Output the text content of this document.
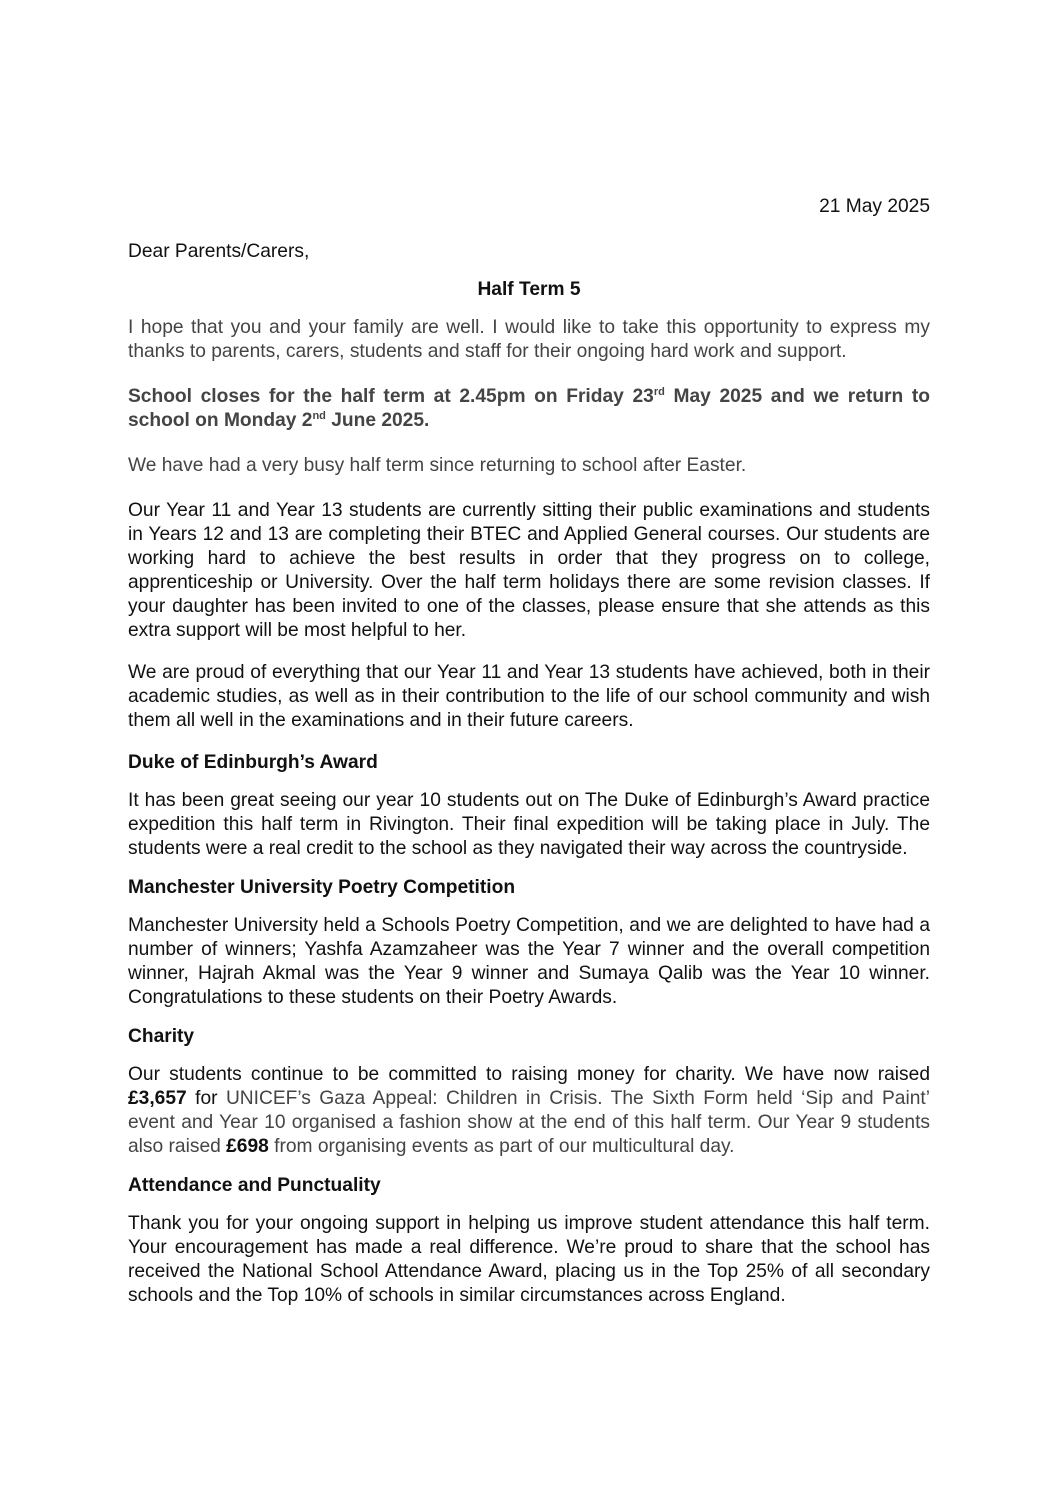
21 May 2025

Dear Parents/Carers,

Half Term 5

I hope that you and your family are well. I would like to take this opportunity to express my thanks to parents, carers, students and staff for their ongoing hard work and support.

School closes for the half term at 2.45pm on Friday 23rd May 2025 and we return to school on Monday 2nd June 2025.

We have had a very busy half term since returning to school after Easter.

Our Year 11 and Year 13 students are currently sitting their public examinations and students in Years 12 and 13 are completing their BTEC and Applied General courses. Our students are working hard to achieve the best results in order that they progress on to college, apprenticeship or University. Over the half term holidays there are some revision classes. If your daughter has been invited to one of the classes, please ensure that she attends as this extra support will be most helpful to her.

We are proud of everything that our Year 11 and Year 13 students have achieved, both in their academic studies, as well as in their contribution to the life of our school community and wish them all well in the examinations and in their future careers.

Duke of Edinburgh’s Award

It has been great seeing our year 10 students out on The Duke of Edinburgh’s Award practice expedition this half term in Rivington. Their final expedition will be taking place in July. The students were a real credit to the school as they navigated their way across the countryside.

Manchester University Poetry Competition

Manchester University held a Schools Poetry Competition, and we are delighted to have had a number of winners; Yashfa Azamzaheer was the Year 7 winner and the overall competition winner, Hajrah Akmal was the Year 9 winner and Sumaya Qalib was the Year 10 winner. Congratulations to these students on their Poetry Awards.

Charity

Our students continue to be committed to raising money for charity. We have now raised £3,657 for UNICEF’s Gaza Appeal: Children in Crisis. The Sixth Form held ‘Sip and Paint’ event and Year 10 organised a fashion show at the end of this half term. Our Year 9 students also raised £698 from organising events as part of our multicultural day.

Attendance and Punctuality

Thank you for your ongoing support in helping us improve student attendance this half term. Your encouragement has made a real difference. We’re proud to share that the school has received the National School Attendance Award, placing us in the Top 25% of all secondary schools and the Top 10% of schools in similar circumstances across England.
